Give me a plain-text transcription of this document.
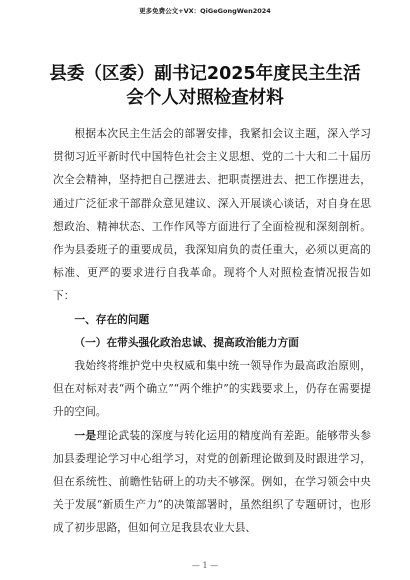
更多免费公文+VX：QiGeGongWen2024
县委（区委）副书记2025年度民主生活
会个人对照检查材料

根据本次民主生活会的部署安排，我紧扣会议主题，深入学习贯彻习近平新时代中国特色社会主义思想、党的二十大和二十届历次全会精神，坚持把自己摆进去、把职责摆进去、把工作摆进去，通过广泛征求干部群众意见建议、深入开展谈心谈话，对自身在思想政治、精神状态、工作作风等方面进行了全面检视和深刻剖析。作为县委班子的重要成员，我深知肩负的责任重大，必须以更高的标准、更严的要求进行自我革命。现将个人对照检查情况报告如下：

一、存在的问题

（一）在带头强化政治忠诚、提高政治能力方面

我始终将维护党中央权威和集中统一领导作为最高政治原则，但在对标对表“两个确立”“两个维护”的实践要求上，仍存在需要提升的空间。

一是理论武装的深度与转化运用的精度尚有差距。能够带头参加县委理论学习中心组学习，对党的创新理论做到及时跟进学习，但在系统性、前瞻性钻研上的功夫不够深。例如，在学习领会中央关于发展“新质生产力”的决策部署时，虽然组织了专题研讨，也形成了初步思路，但如何立足我县农业大县、

— 1 —
